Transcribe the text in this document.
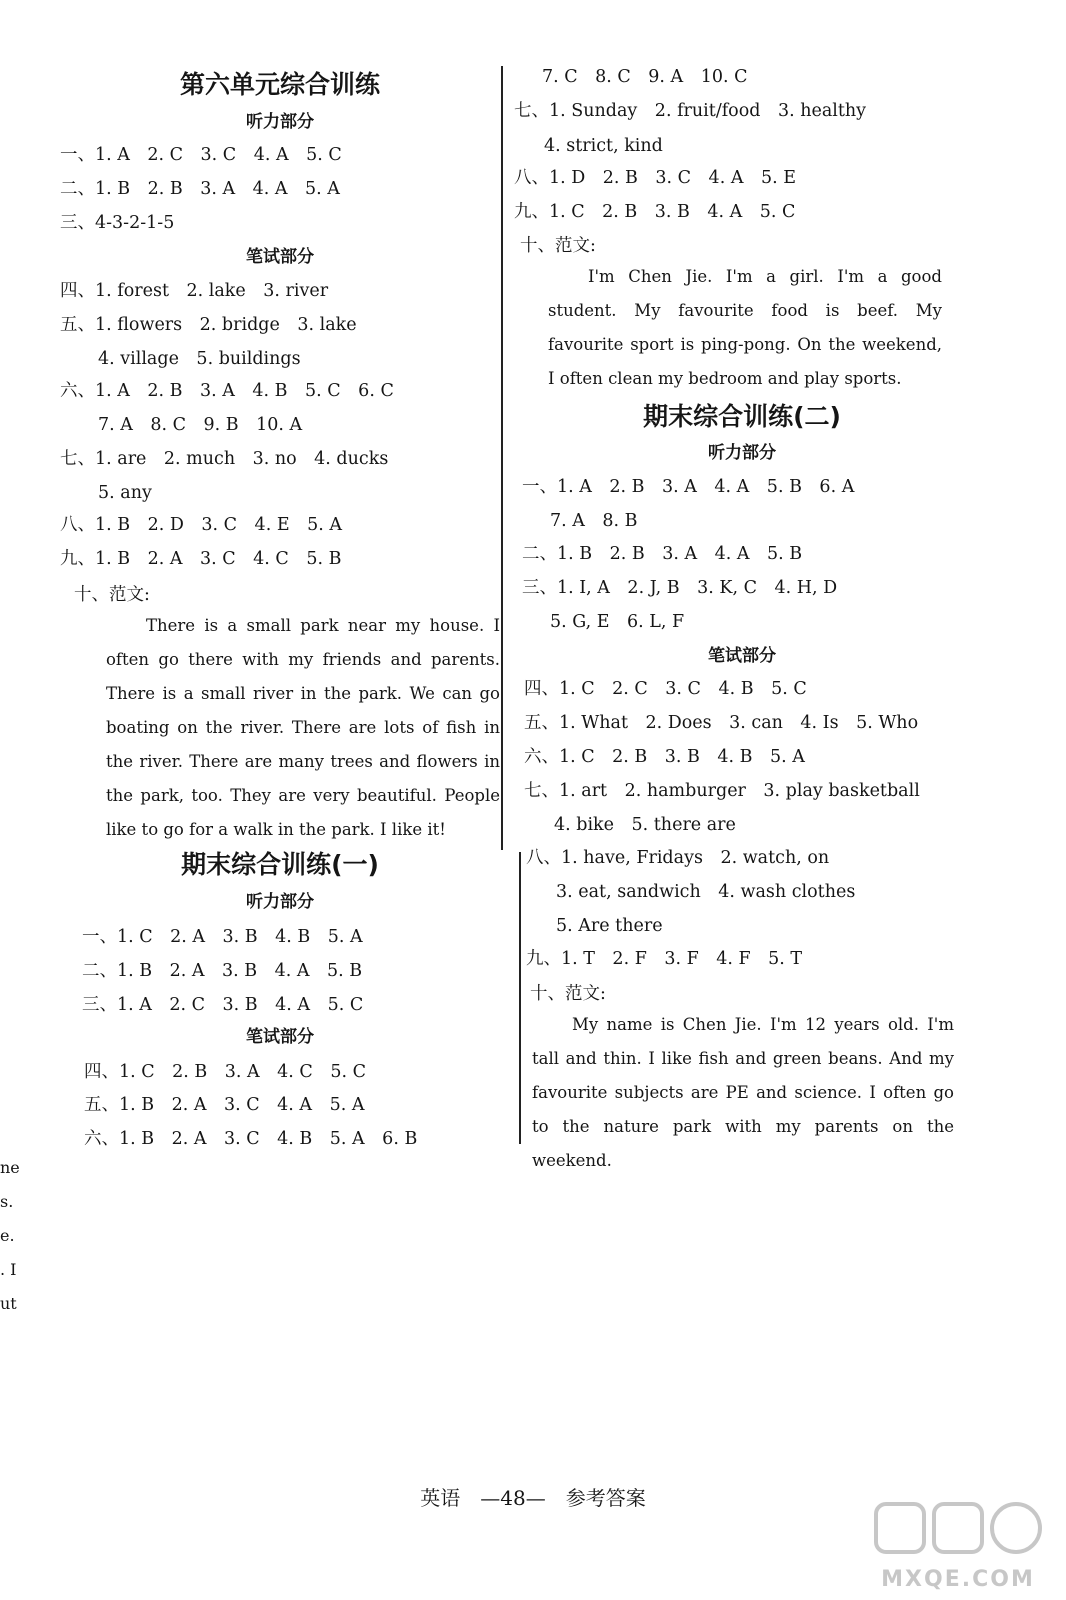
ne
s.
e.
. I
ut
第六单元综合训练
听力部分
一、1. A　2. C　3. C　4. A　5. C
二、1. B　2. B　3. A　4. A　5. A
三、4-3-2-1-5
笔试部分
四、1. forest　2. lake　3. river
五、1. flowers　2. bridge　3. lake
4. village　5. buildings
六、1. A　2. B　3. A　4. B　5. C　6. C
7. A　8. C　9. B　10. A
七、1. are　2. much　3. no　4. ducks
5. any
八、1. B　2. D　3. C　4. E　5. A
九、1. B　2. A　3. C　4. C　5. B
十、范文:
There is a small park near my house. I often go there with my friends and parents. There is a small river in the park. We can go boating on the river. There are lots of fish in the river. There are many trees and flowers in the park, too. They are very beautiful. People like to go for a walk in the park. I like it!
期末综合训练(一)
听力部分
一、1. C　2. A　3. B　4. B　5. A
二、1. B　2. A　3. B　4. A　5. B
三、1. A　2. C　3. B　4. A　5. C
笔试部分
四、1. C　2. B　3. A　4. C　5. C
五、1. B　2. A　3. C　4. A　5. A
六、1. B　2. A　3. C　4. B　5. A　6. B
7. C　8. C　9. A　10. C
七、1. Sunday　2. fruit/food　3. healthy
4. strict, kind
八、1. D　2. B　3. C　4. A　5. E
九、1. C　2. B　3. B　4. A　5. C
十、范文:
I'm Chen Jie. I'm a girl. I'm a good student. My favourite food is beef. My favourite sport is ping-pong. On the weekend, I often clean my bedroom and play sports.
期末综合训练(二)
听力部分
一、1. A　2. B　3. A　4. A　5. B　6. A
7. A　8. B
二、1. B　2. B　3. A　4. A　5. B
三、1. I, A　2. J, B　3. K, C　4. H, D
5. G, E　6. L, F
笔试部分
四、1. C　2. C　3. C　4. B　5. C
五、1. What　2. Does　3. can　4. Is　5. Who
六、1. C　2. B　3. B　4. B　5. A
七、1. art　2. hamburger　3. play basketball
4. bike　5. there are
八、1. have, Fridays　2. watch, on
3. eat, sandwich　4. wash clothes
5. Are there
九、1. T　2. F　3. F　4. F　5. T
十、范文:
My name is Chen Jie. I'm 12 years old. I'm tall and thin. I like fish and green beans. And my favourite subjects are PE and science. I often go to the nature park with my parents on the weekend.
英语　—48—　参考答案
MXQE.COM
